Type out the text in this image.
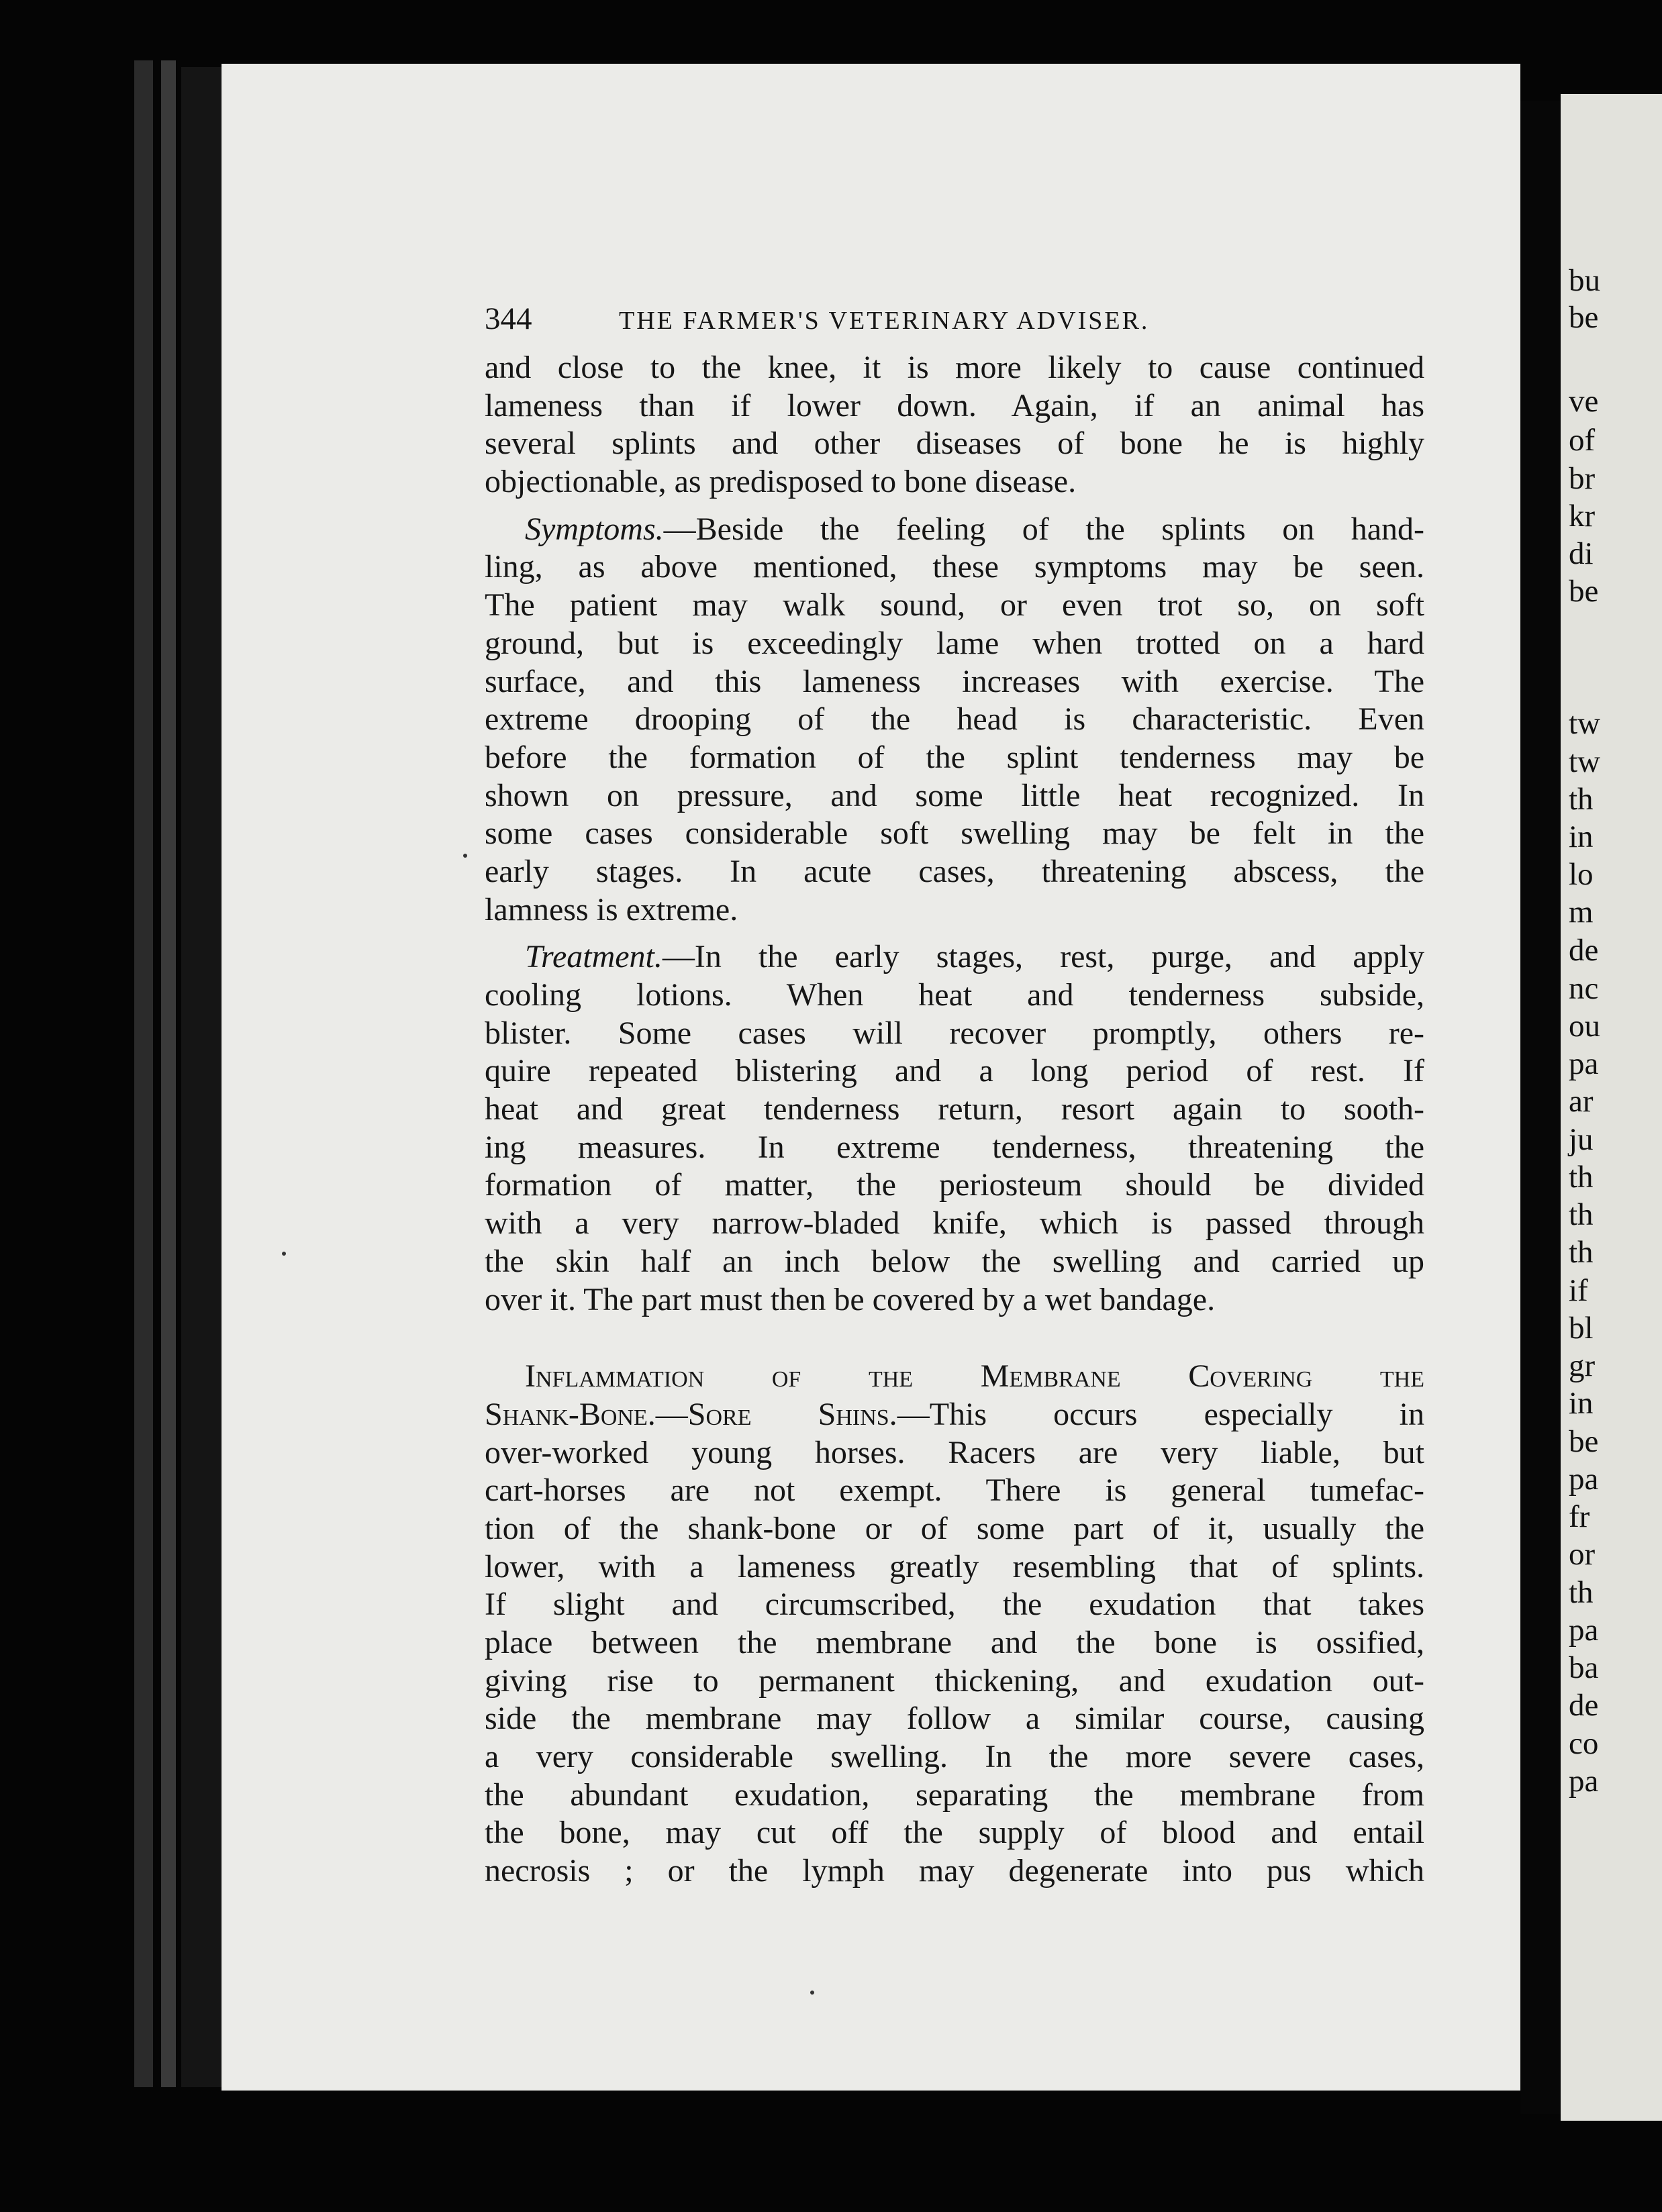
bu
be
ve
of
br
kr
di
be
tw
tw
th
in
lo
m
de
nc
ou
pa
ar
ju
th
th
th
if
bl
gr
in
be
pa
fr
or
th
pa
ba
de
co
pa
344	THE FARMER'S VETERINARY ADVISER.
and close to the knee, it is more likely to cause continued
lameness than if lower down. Again, if an animal has
several splints and other diseases of bone he is highly
objectionable, as predisposed to bone disease.
Symptoms.—Beside the feeling of the splints on hand-
ling, as above mentioned, these symptoms may be seen.
The patient may walk sound, or even trot so, on soft
ground, but is exceedingly lame when trotted on a hard
surface, and this lameness increases with exercise. The
extreme drooping of the head is characteristic. Even
before the formation of the splint tenderness may be
shown on pressure, and some little heat recognized. In
some cases considerable soft swelling may be felt in the
early stages. In acute cases, threatening abscess, the
lamness is extreme.
Treatment.—In the early stages, rest, purge, and apply
cooling lotions. When heat and tenderness subside,
blister. Some cases will recover promptly, others re-
quire repeated blistering and a long period of rest. If
heat and great tenderness return, resort again to sooth-
ing measures. In extreme tenderness, threatening the
formation of matter, the periosteum should be divided
with a very narrow-bladed knife, which is passed through
the skin half an inch below the swelling and carried up
over it. The part must then be covered by a wet bandage.
Inflammation of the Membrane Covering the
Shank-Bone.—Sore Shins.—This occurs especially in
over-worked young horses. Racers are very liable, but
cart-horses are not exempt. There is general tumefac-
tion of the shank-bone or of some part of it, usually the
lower, with a lameness greatly resembling that of splints.
If slight and circumscribed, the exudation that takes
place between the membrane and the bone is ossified,
giving rise to permanent thickening, and exudation out-
side the membrane may follow a similar course, causing
a very considerable swelling. In the more severe cases,
the abundant exudation, separating the membrane from
the bone, may cut off the supply of blood and entail
necrosis ; or the lymph may degenerate into pus which
